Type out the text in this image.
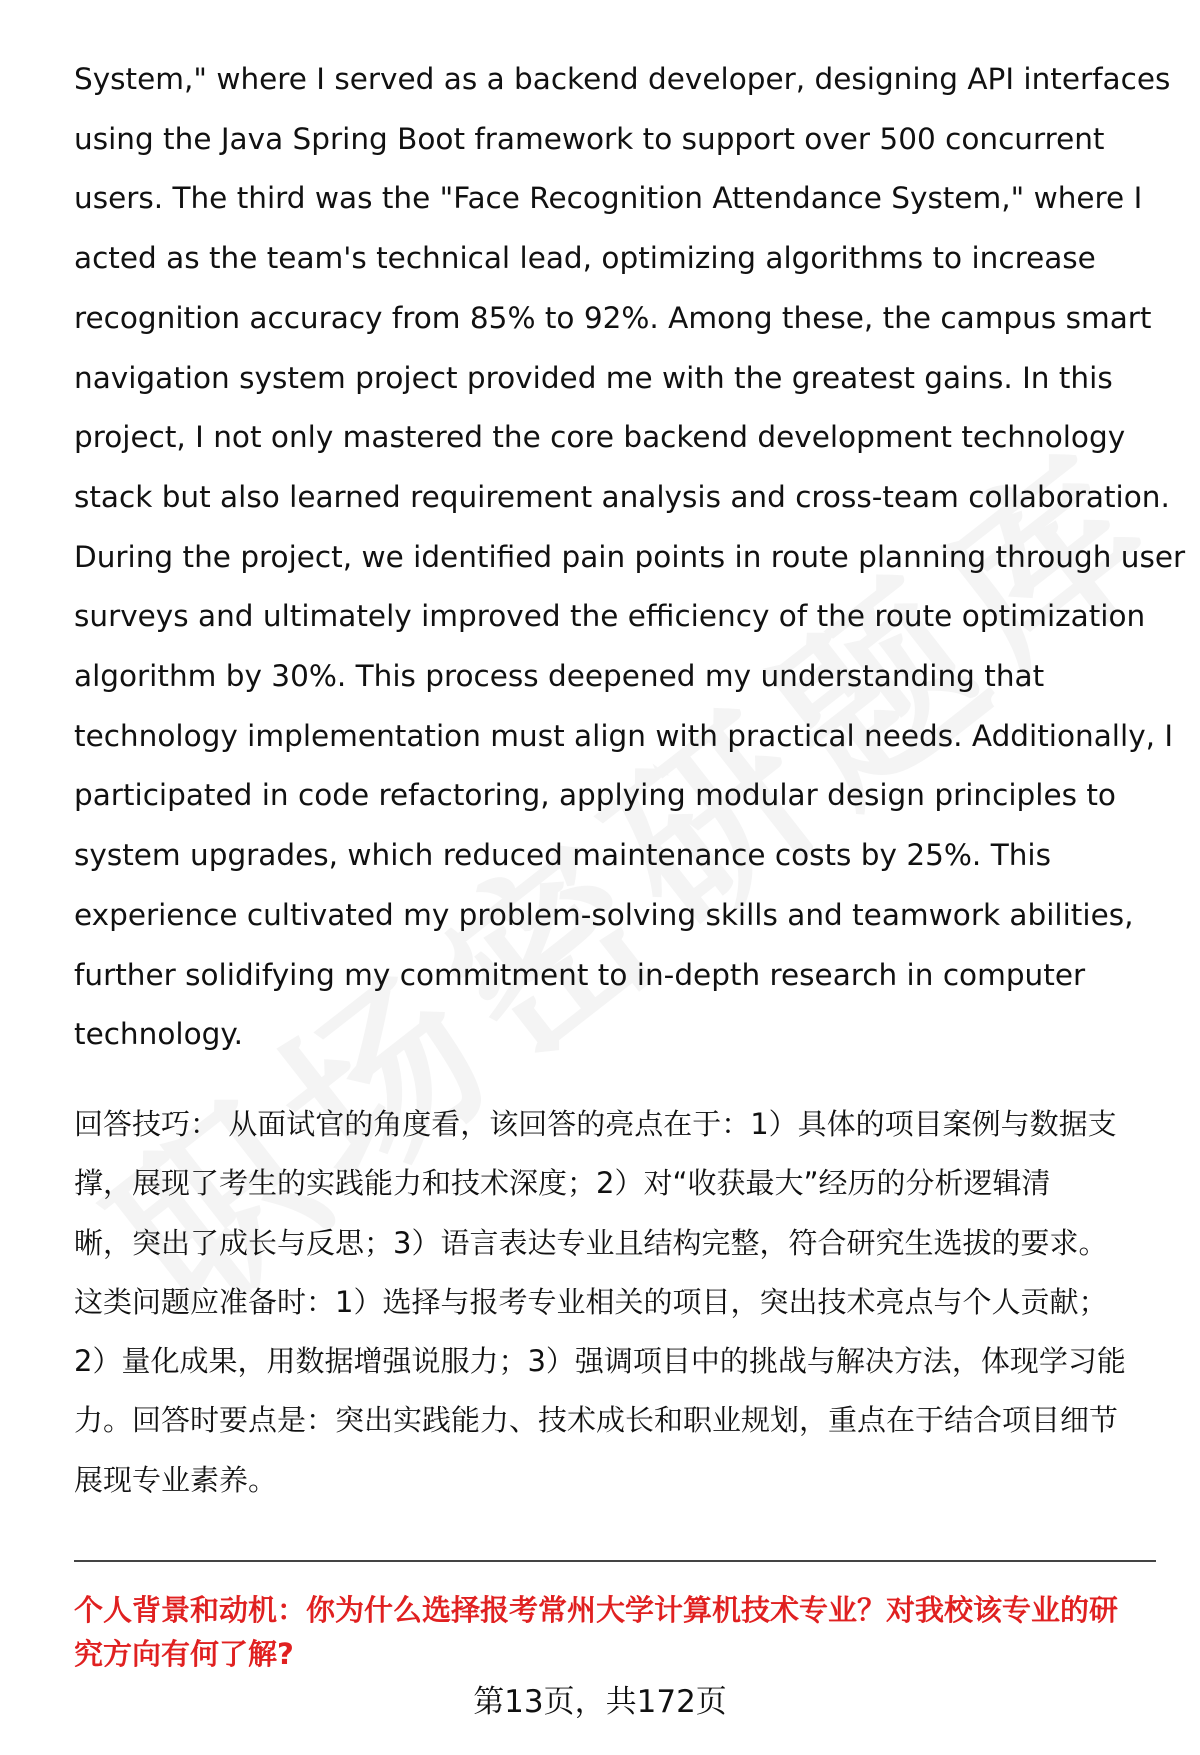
System," where I served as a backend developer, designing API interfaces
using the Java Spring Boot framework to support over 500 concurrent
users. The third was the "Face Recognition Attendance System," where I
acted as the team's technical lead, optimizing algorithms to increase
recognition accuracy from 85% to 92%. Among these, the campus smart
navigation system project provided me with the greatest gains. In this
project, I not only mastered the core backend development technology
stack but also learned requirement analysis and cross-team collaboration.
During the project, we identified pain points in route planning through user
surveys and ultimately improved the efficiency of the route optimization
algorithm by 30%. This process deepened my understanding that
technology implementation must align with practical needs. Additionally, I
participated in code refactoring, applying modular design principles to
system upgrades, which reduced maintenance costs by 25%. This
experience cultivated my problem-solving skills and teamwork abilities,
further solidifying my commitment to in-depth research in computer
technology.

回答技巧： 从面试官的角度看，该回答的亮点在于：1）具体的项目案例与数据支
撑，展现了考生的实践能力和技术深度；2）对“收获最大”经历的分析逻辑清
晰，突出了成长与反思；3）语言表达专业且结构完整，符合研究生选拔的要求。
这类问题应准备时：1）选择与报考专业相关的项目，突出技术亮点与个人贡献；
2）量化成果，用数据增强说服力；3）强调项目中的挑战与解决方法，体现学习能
力。回答时要点是：突出实践能力、技术成长和职业规划，重点在于结合项目细节
展现专业素养。

个人背景和动机：你为什么选择报考常州大学计算机技术专业？对我校该专业的研
究方向有何了解?

第13页，共172页
